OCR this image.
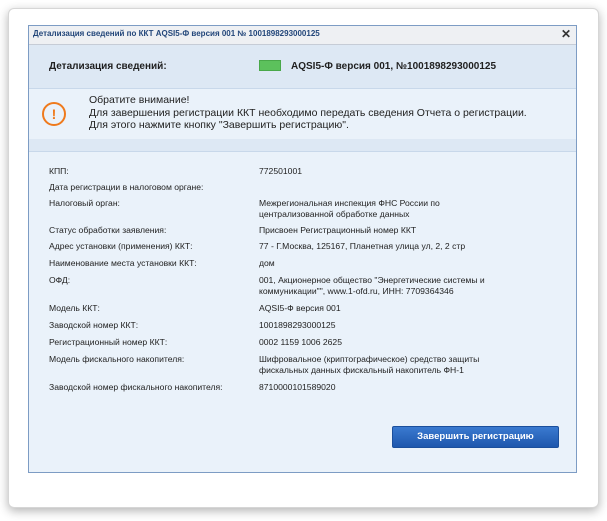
Детализация сведений по ККТ AQSI5-Ф версия 001 № 1001898293000125	✕
Детализация сведений:	AQSI5-Ф версия 001, №1001898293000125
!
Обратите внимание!
Для завершения регистрации ККТ необходимо передать сведения Отчета о регистрации.
Для этого нажмите кнопку "Завершить регистрацию".
КПП:	772501001
Дата регистрации в налоговом органе:
Налоговый орган:	Межрегиональная инспекция ФНС России по
централизованной обработке данных
Статус обработки заявления:	Присвоен Регистрационный номер ККТ
Адрес установки (применения) ККТ:	77 - Г.Москва, 125167, Планетная улица ул, 2, 2 стр
Наименование места установки ККТ:	дом
ОФД:	001, Акционерное общество "Энергетические системы и
коммуникации"", www.1-ofd.ru, ИНН: 7709364346
Модель ККТ:	AQSI5-Ф версия 001
Заводской номер ККТ:	1001898293000125
Регистрационный номер ККТ:	0002 1159 1006 2625
Модель фискального накопителя:	Шифровальное (криптографическое) средство защиты
фискальных данных фискальный накопитель ФН-1
Заводской номер фискального накопителя:	8710000101589020
Завершить регистрацию
